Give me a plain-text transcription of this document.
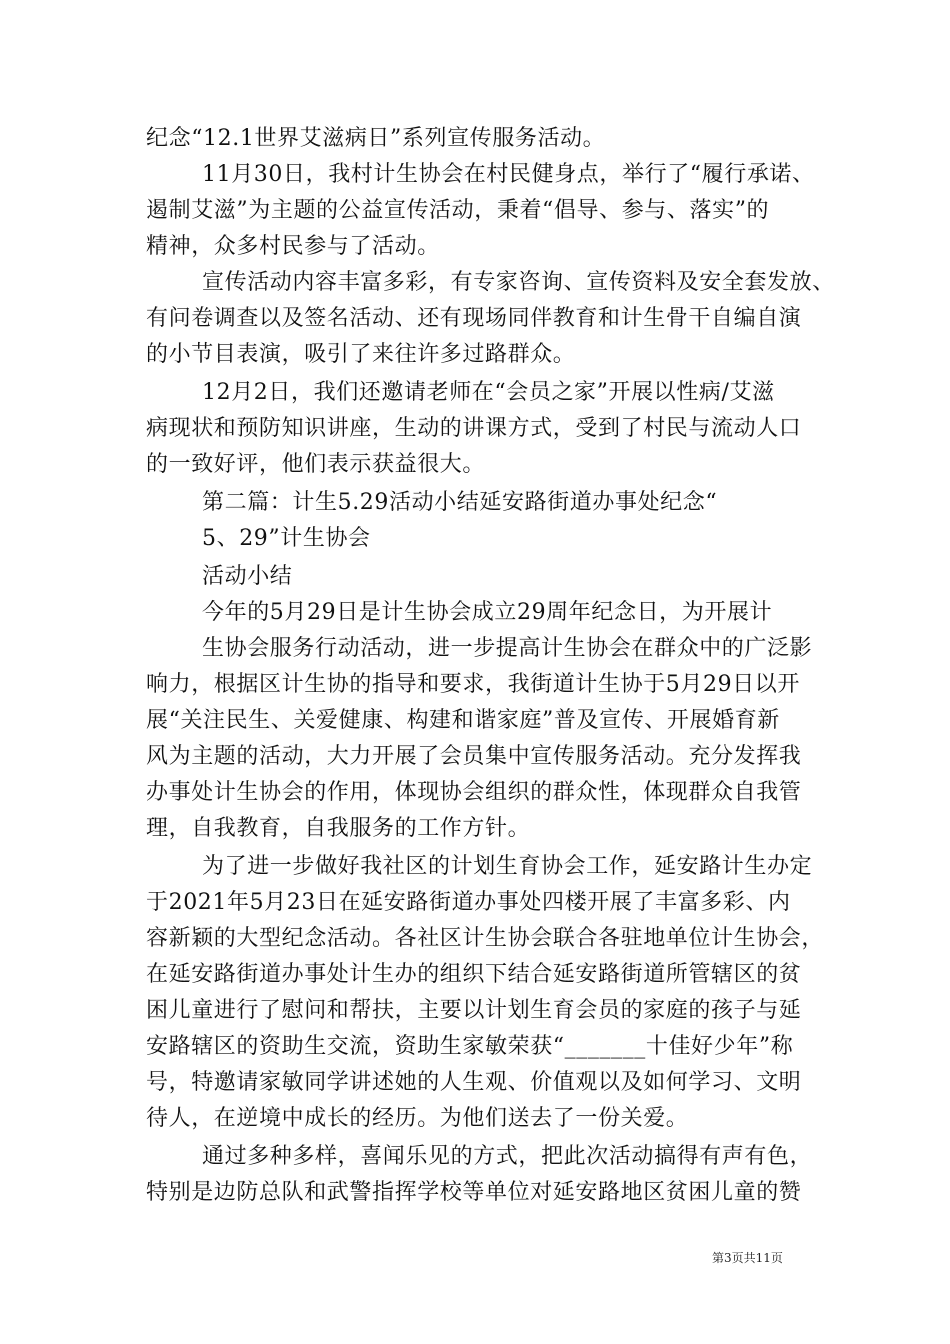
纪念“12.1世界艾滋病日”系列宣传服务活动。
11月30日，我村计生协会在村民健身点，举行了“履行承诺、
遏制艾滋”为主题的公益宣传活动，秉着“倡导、参与、落实”的
精神，众多村民参与了活动。
宣传活动内容丰富多彩，有专家咨询、宣传资料及安全套发放、
有问卷调查以及签名活动、还有现场同伴教育和计生骨干自编自演
的小节目表演，吸引了来往许多过路群众。
12月2日，我们还邀请老师在“会员之家”开展以性病/艾滋
病现状和预防知识讲座，生动的讲课方式，受到了村民与流动人口
的一致好评，他们表示获益很大。
第二篇：计生5.29活动小结延安路街道办事处纪念“
5、29”计生协会
活动小结
今年的5月29日是计生协会成立29周年纪念日，为开展计
生协会服务行动活动，进一步提高计生协会在群众中的广泛影
响力，根据区计生协的指导和要求，我街道计生协于5月29日以开
展“关注民生、关爱健康、构建和谐家庭”普及宣传、开展婚育新
风为主题的活动，大力开展了会员集中宣传服务活动。充分发挥我
办事处计生协会的作用，体现协会组织的群众性，体现群众自我管
理，自我教育，自我服务的工作方针。
为了进一步做好我社区的计划生育协会工作，延安路计生办定
于2021年5月23日在延安路街道办事处四楼开展了丰富多彩、内
容新颖的大型纪念活动。各社区计生协会联合各驻地单位计生协会，
在延安路街道办事处计生办的组织下结合延安路街道所管辖区的贫
困儿童进行了慰问和帮扶，主要以计划生育会员的家庭的孩子与延
安路辖区的资助生交流，资助生家敏荣获“_______十佳好少年”称
号，特邀请家敏同学讲述她的人生观、价值观以及如何学习、文明
待人，在逆境中成长的经历。为他们送去了一份关爱。
通过多种多样，喜闻乐见的方式，把此次活动搞得有声有色，
特别是边防总队和武警指挥学校等单位对延安路地区贫困儿童的赞
第3页共11页
